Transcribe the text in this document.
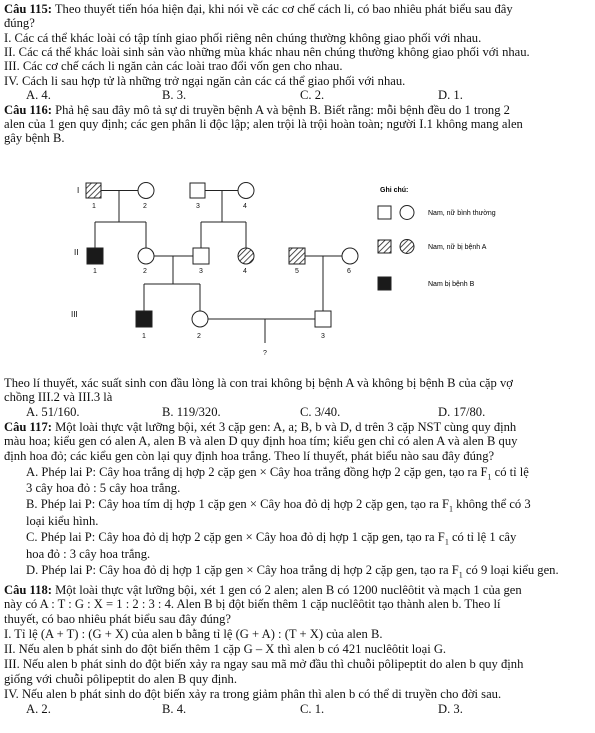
Câu 115: Theo thuyết tiến hóa hiện đại, khi nói về các cơ chế cách li, có bao nhiêu phát biểu sau đây
đúng?
I. Các cá thể khác loài có tập tính giao phối riêng nên chúng thường không giao phối với nhau.
II. Các cá thể khác loài sinh sản vào những mùa khác nhau nên chúng thường không giao phối với nhau.
III. Các cơ chế cách li ngăn cản các loài trao đổi vốn gen cho nhau.
IV. Cách li sau hợp tử là những trở ngại ngăn cản các cá thể giao phối với nhau.
A. 4.	B. 3.	C. 2.	D. 1.
Câu 116: Phả hệ sau đây mô tả sự di truyền bệnh A và bệnh B. Biết rằng: mỗi bệnh đều do 1 trong 2
alen của 1 gen quy định; các gen phân li độc lập; alen trội là trội hoàn toàn; người I.1 không mang alen
gây bệnh B.
I
II
III
1	2	3	4
1	2	3	4	5	6
1	2	3
?
Ghi chú:
Nam, nữ bình thường
Nam, nữ bị bệnh A
Nam bị bệnh B
Theo lí thuyết, xác suất sinh con đầu lòng là con trai không bị bệnh A và không bị bệnh B của cặp vợ
chồng III.2 và III.3 là
A. 51/160.	B. 119/320.	C. 3/40.	D. 17/80.
Câu 117: Một loài thực vật lưỡng bội, xét 3 cặp gen: A, a; B, b và D, d trên 3 cặp NST cùng quy định
màu hoa; kiểu gen có alen A, alen B và alen D quy định hoa tím; kiểu gen chỉ có alen A và alen B quy
định hoa đỏ; các kiểu gen còn lại quy định hoa trắng. Theo lí thuyết, phát biểu nào sau đây đúng?
A. Phép lai P: Cây hoa trắng dị hợp 2 cặp gen × Cây hoa trắng đồng hợp 2 cặp gen, tạo ra $F_1$ có tỉ lệ
3 cây hoa đỏ : 5 cây hoa trắng.
B. Phép lai P: Cây hoa tím dị hợp 1 cặp gen × Cây hoa đỏ dị hợp 2 cặp gen, tạo ra $F_1$ không thể có 3
loại kiểu hình.
C. Phép lai P: Cây hoa đỏ dị hợp 2 cặp gen × Cây hoa đỏ dị hợp 1 cặp gen, tạo ra $F_1$ có tỉ lệ 1 cây
hoa đỏ : 3 cây hoa trắng.
D. Phép lai P: Cây hoa đỏ dị hợp 1 cặp gen × Cây hoa trắng dị hợp 2 cặp gen, tạo ra $F_1$ có 9 loại kiểu gen.
Câu 118: Một loài thực vật lưỡng bội, xét 1 gen có 2 alen; alen B có 1200 nuclêôtit và mạch 1 của gen
này có A : T : G : X = 1 : 2 : 3 : 4. Alen B bị đột biến thêm 1 cặp nuclêôtit tạo thành alen b. Theo lí
thuyết, có bao nhiêu phát biểu sau đây đúng?
I. Tỉ lệ (A + T) : (G + X) của alen b bằng tỉ lệ (G + A) : (T + X) của alen B.
II. Nếu alen b phát sinh do đột biến thêm 1 cặp G – X thì alen b có 421 nuclêôtit loại G.
III. Nếu alen b phát sinh do đột biến xảy ra ngay sau mã mở đầu thì chuỗi pôlipeptit do alen b quy định
giống với chuỗi pôlipeptit do alen B quy định.
IV. Nếu alen b phát sinh do đột biến xảy ra trong giảm phân thì alen b có thể di truyền cho đời sau.
A. 2.	B. 4.	C. 1.	D. 3.
